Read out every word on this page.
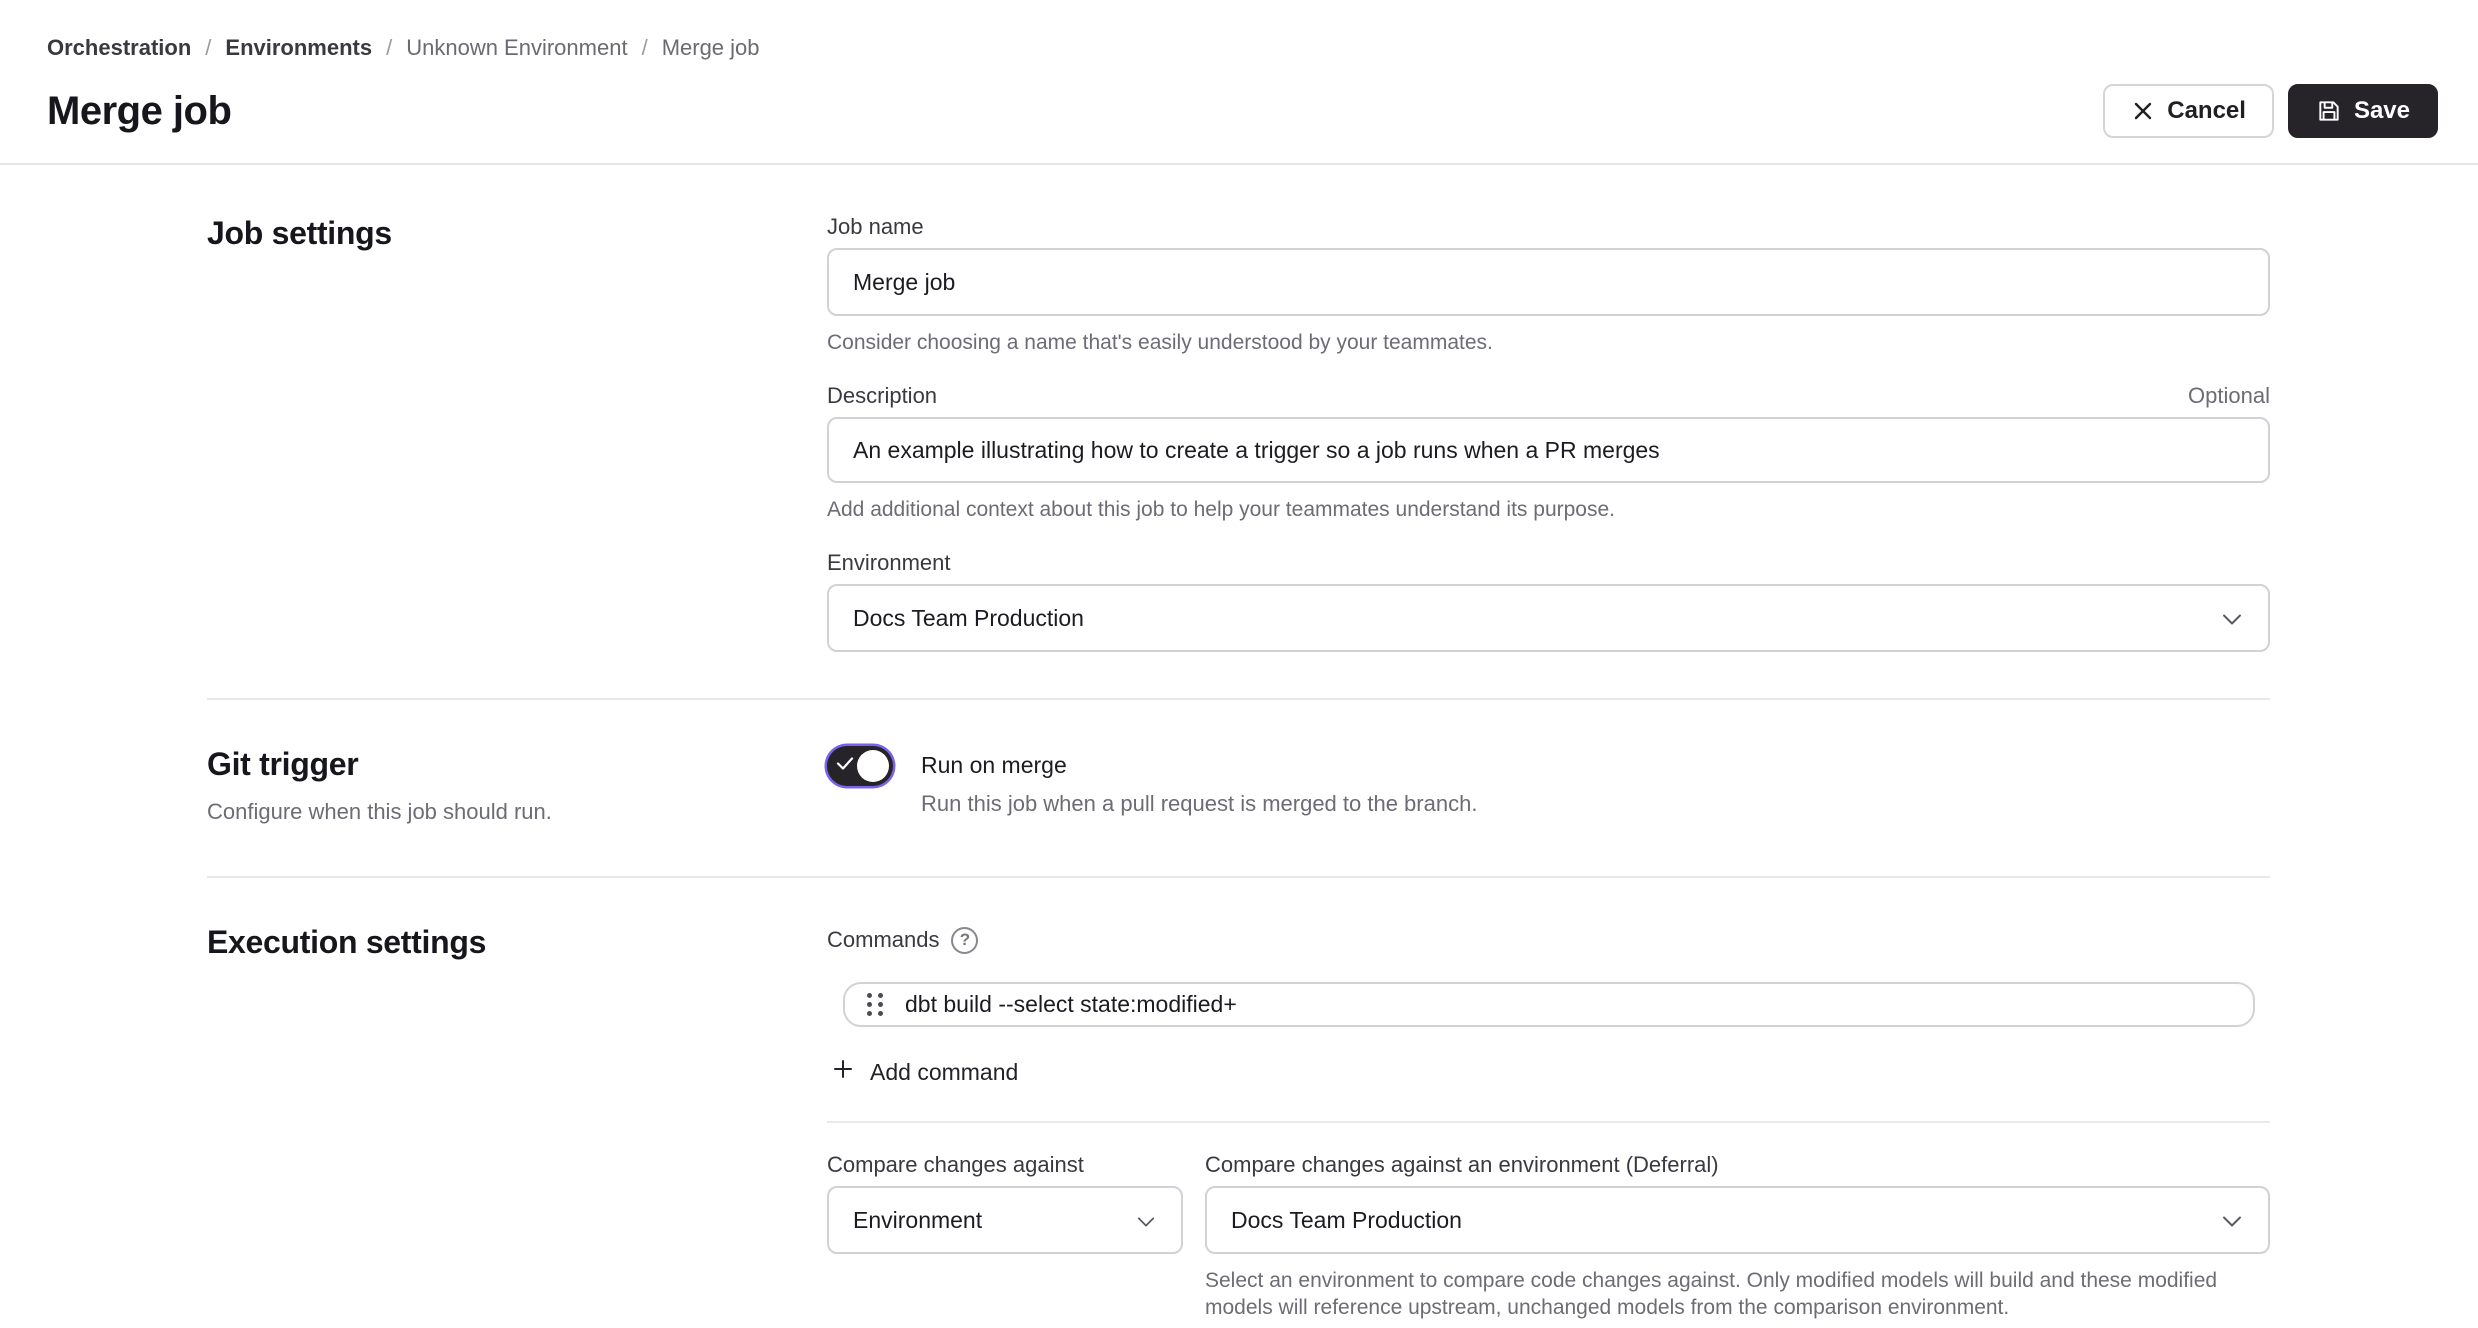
Orchestration / Environments / Unknown Environment / Merge job
Merge job	Cancel	Save
Job settings	Job name
Merge job
Consider choosing a name that's easily understood by your teammates.
Description	Optional
An example illustrating how to create a trigger so a job runs when a PR merges
Add additional context about this job to help your teammates understand its purpose.
Environment
Docs Team Production
Git trigger
Configure when this job should run.
Run on merge
Run this job when a pull request is merged to the branch.
Execution settings	Commands	?
dbt build --select state:modified+
Add command
Compare changes against
Environment
Compare changes against an environment (Deferral)
Docs Team Production
Select an environment to compare code changes against. Only modified models will build and these modified models will reference upstream, unchanged models from the comparison environment.
